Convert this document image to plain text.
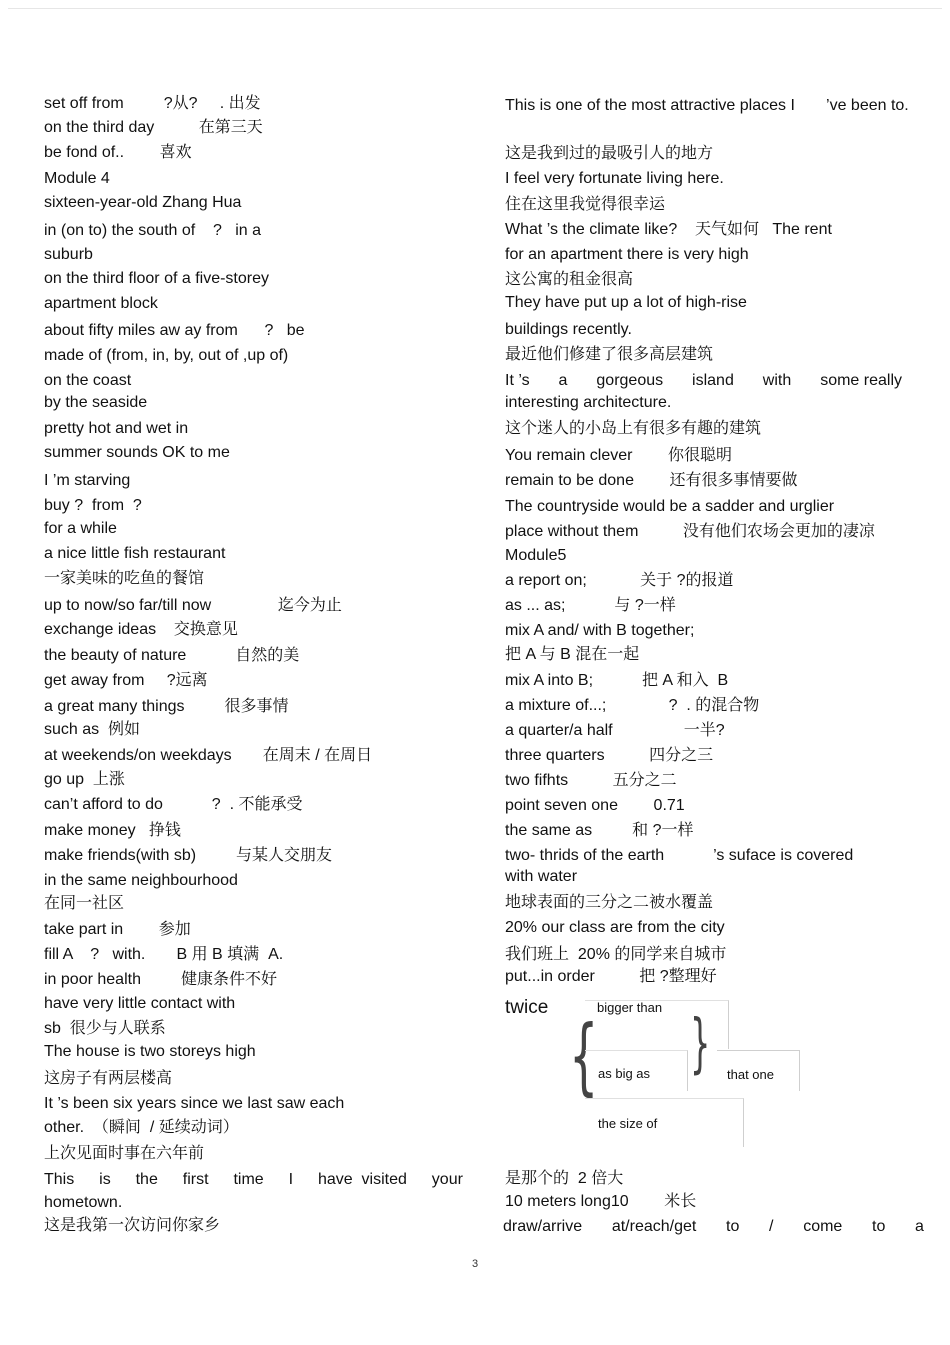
set off from         ?从?     . 出发
on the third day          在第三天
be fond of..        喜欢
Module 4
sixteen-year-old Zhang Hua
in (on to) the south of    ?   in a
suburb
on the third floor of a five-storey
apartment block
about fifty miles aw ay from      ?   be
made of (from, in, by, out of ,up of)
on the coast
by the seaside
pretty hot and wet in
summer sounds OK to me
I ’m starving
buy ?  from  ?
for a while
a nice little fish restaurant
一家美味的吃鱼的餐馆
up to now/so far/till now               迄今为止
exchange ideas    交换意见
the beauty of nature           自然的美
get away from     ?远离
a great many things         很多事情
such as  例如
at weekends/on weekdays       在周末 / 在周日
go up  上涨
can’t afford to do           ?  . 不能承受
make money   挣钱
make friends(with sb)         与某人交朋友
in the same neighbourhood
在同一社区
take part in        参加
fill A    ?   with.       B 用 B 填满  A.
in poor health         健康条件不好
have very little contact with
sb  很少与人联系
The house is two storeys high
这房子有两层楼高
It ’s been six years since we last saw each
other.  （瞬间  / 延续动词）
上次见面时事在六年前
This is the first time I have  visited your
hometown.
这是我第一次访问你家乡
This is one of the most attractive places I       ’ve been to.
这是我到过的最吸引人的地方
I feel very fortunate living here.
住在这里我觉得很幸运
What ’s the climate like?    天气如何   The rent
for an apartment there is very high
这公寓的租金很高
They have put up a lot of high-rise
buildings recently.
最近他们修建了很多高层建筑
It ’s a gorgeous island with some really
interesting architecture.
这个迷人的小岛上有很多有趣的建筑
You remain clever        你很聪明
remain to be done        还有很多事情要做
The countryside would be a sadder and urglier
place without them          没有他们农场会更加的凄凉
Module5
a report on;            关于 ?的报道
as ... as;           与 ?一样
mix A and/ with B together;
把 A 与 B 混在一起
mix A into B;           把 A 和入  B
a mixture of...;              ?  . 的混合物
a quarter/a half                一半?
three quarters          四分之三
two fifhts          五分之二
point seven one        0.71
the same as         和 ?一样
two- thrids of the earth           ’s suface is covered
with water
地球表面的三分之二被水覆盖
20% our class are from the city
我们班上  20% 的同学来自城市
put...in order          把 ?整理好
twice {
bigger than
as big as
the size of
} that one
是那个的  2 倍大
10 meters long10        米长
draw/arrive at/reach/get to / come to a
3
